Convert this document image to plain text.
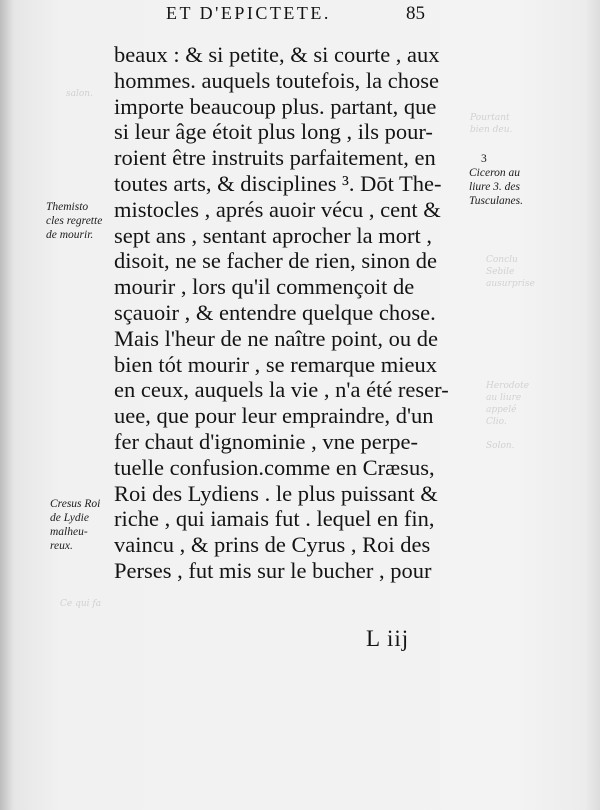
salon.
Pourtant
bien deu.
Conclu
Sebile
ausurprise
Herodote
au liure
appelé
Clio.
Solon.
Ce qui fa
ET D'EPICTETE.	85
beaux : & si petite, & si courte , aux
hommes. auquels toutefois, la chose
importe beaucoup plus. partant, que
si leur âge étoit plus long , ils pour-
roient être instruits parfaitement, en
toutes arts, & disciplines ³. Dōt The-
mistocles , aprés auoir vécu , cent &
sept ans , sentant aprocher la mort ,
disoit, ne se facher de rien, sinon de
mourir , lors qu'il commençoit de
sçauoir , & entendre quelque chose.
Mais l'heur de ne naître point, ou de
bien tót mourir , se remarque mieux
en ceux, auquels la vie , n'a été reser-
uee, que pour leur empraindre, d'un
fer chaut d'ignominie , vne perpe-
tuelle confusion.comme en Cræsus,
Roi des Lydiens . le plus puissant &
riche , qui iamais fut . lequel en fin,
vaincu , & prins de Cyrus , Roi des
Perses , fut mis sur le bucher , pour
3
Ciceron au
liure 3. des
Tusculanes.
Themisto
cles regrette
de mourir.
Cresus Roi
de Lydie
malheu-
reux.
L iij
